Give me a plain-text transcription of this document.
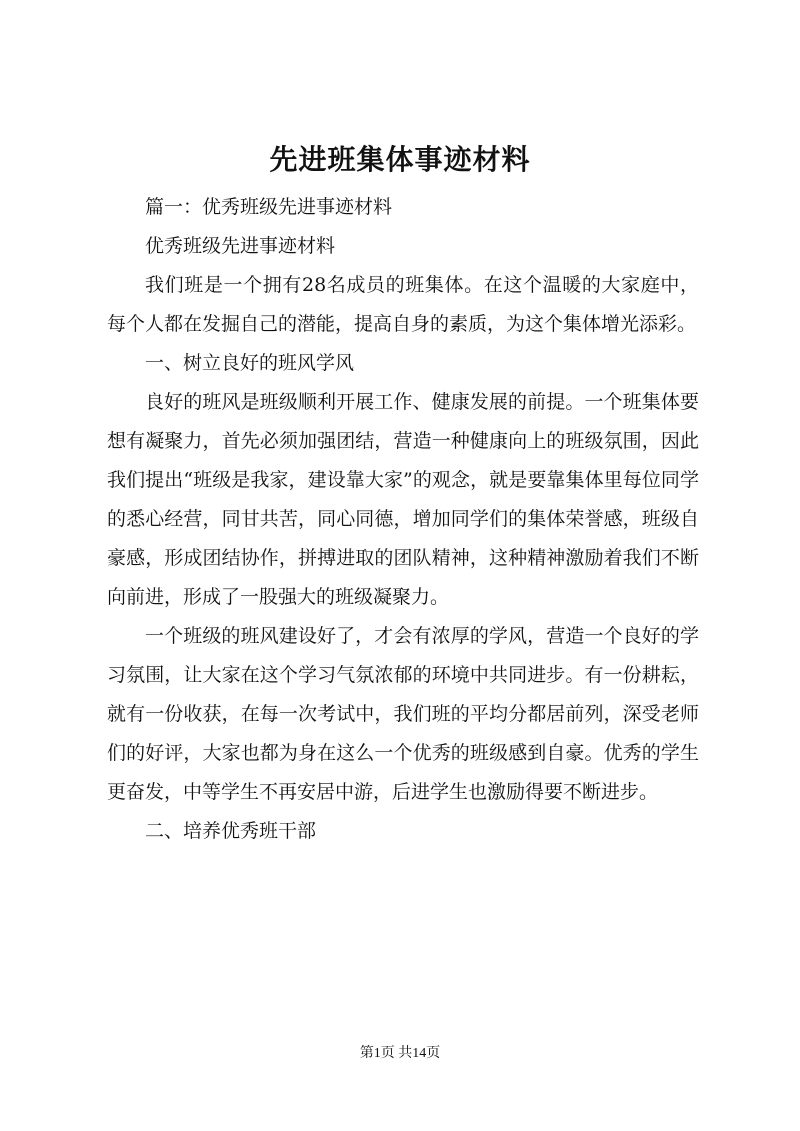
先进班集体事迹材料

篇一：优秀班级先进事迹材料

优秀班级先进事迹材料

我们班是一个拥有28名成员的班集体。在这个温暖的大家庭中，每个人都在发掘自己的潜能，提高自身的素质，为这个集体增光添彩。

一、树立良好的班风学风

良好的班风是班级顺利开展工作、健康发展的前提。一个班集体要想有凝聚力，首先必须加强团结，营造一种健康向上的班级氛围，因此我们提出“班级是我家，建设靠大家”的观念，就是要靠集体里每位同学的悉心经营，同甘共苦，同心同德，增加同学们的集体荣誉感，班级自豪感，形成团结协作，拼搏进取的团队精神，这种精神激励着我们不断向前进，形成了一股强大的班级凝聚力。

一个班级的班风建设好了，才会有浓厚的学风，营造一个良好的学习氛围，让大家在这个学习气氛浓郁的环境中共同进步。有一份耕耘，就有一份收获，在每一次考试中，我们班的平均分都居前列，深受老师们的好评，大家也都为身在这么一个优秀的班级感到自豪。优秀的学生更奋发，中等学生不再安居中游，后进学生也激励得要不断进步。

二、培养优秀班干部

第1页 共14页
